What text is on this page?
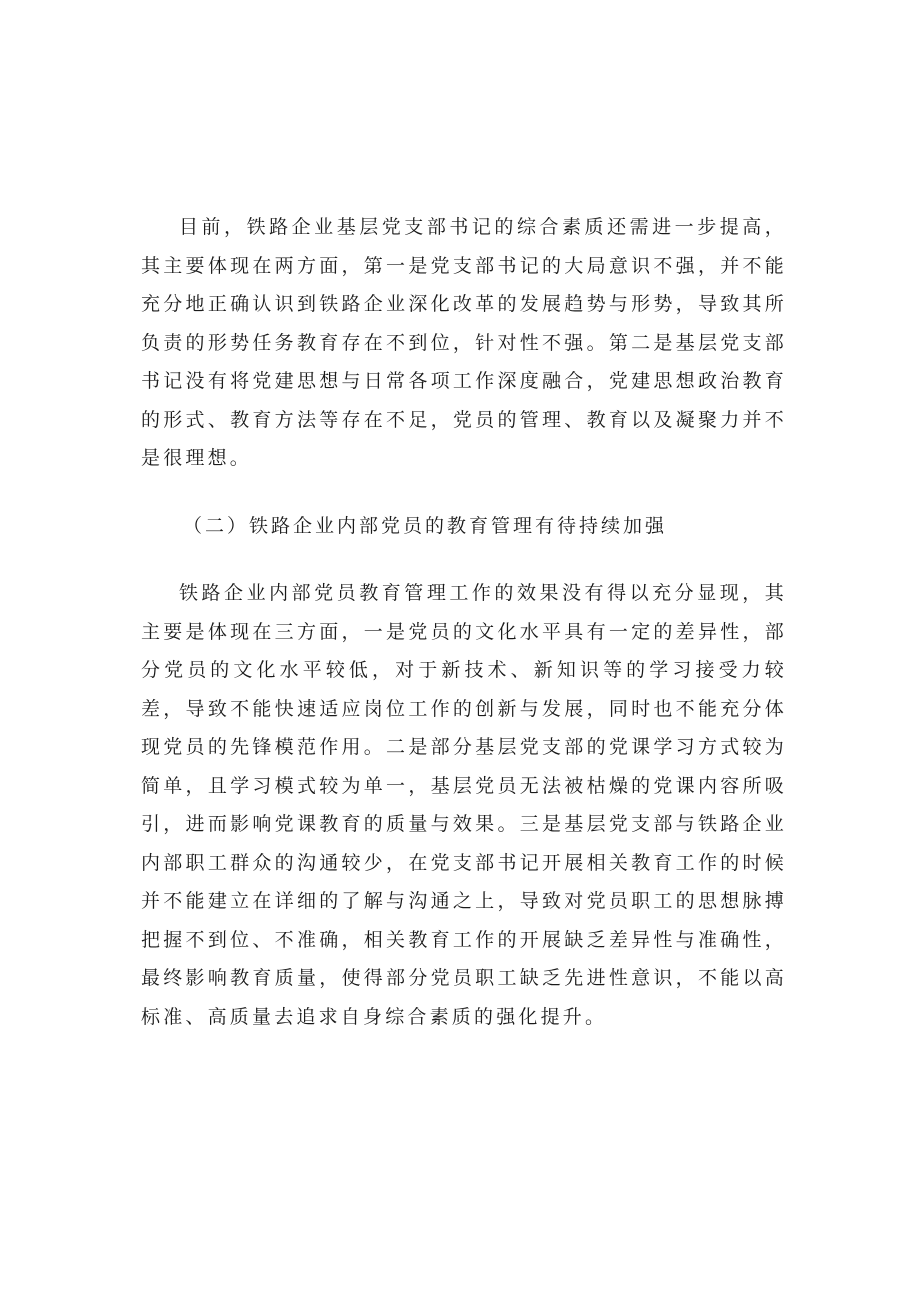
目前，铁路企业基层党支部书记的综合素质还需进一步提高，其主要体现在两方面，第一是党支部书记的大局意识不强，并不能充分地正确认识到铁路企业深化改革的发展趋势与形势，导致其所负责的形势任务教育存在不到位，针对性不强。第二是基层党支部书记没有将党建思想与日常各项工作深度融合，党建思想政治教育的形式、教育方法等存在不足，党员的管理、教育以及凝聚力并不是很理想。

（二）铁路企业内部党员的教育管理有待持续加强

铁路企业内部党员教育管理工作的效果没有得以充分显现，其主要是体现在三方面，一是党员的文化水平具有一定的差异性，部分党员的文化水平较低，对于新技术、新知识等的学习接受力较差，导致不能快速适应岗位工作的创新与发展，同时也不能充分体现党员的先锋模范作用。二是部分基层党支部的党课学习方式较为简单，且学习模式较为单一，基层党员无法被枯燥的党课内容所吸引，进而影响党课教育的质量与效果。三是基层党支部与铁路企业内部职工群众的沟通较少，在党支部书记开展相关教育工作的时候并不能建立在详细的了解与沟通之上，导致对党员职工的思想脉搏把握不到位、不准确，相关教育工作的开展缺乏差异性与准确性，最终影响教育质量，使得部分党员职工缺乏先进性意识，不能以高标准、高质量去追求自身综合素质的强化提升。
